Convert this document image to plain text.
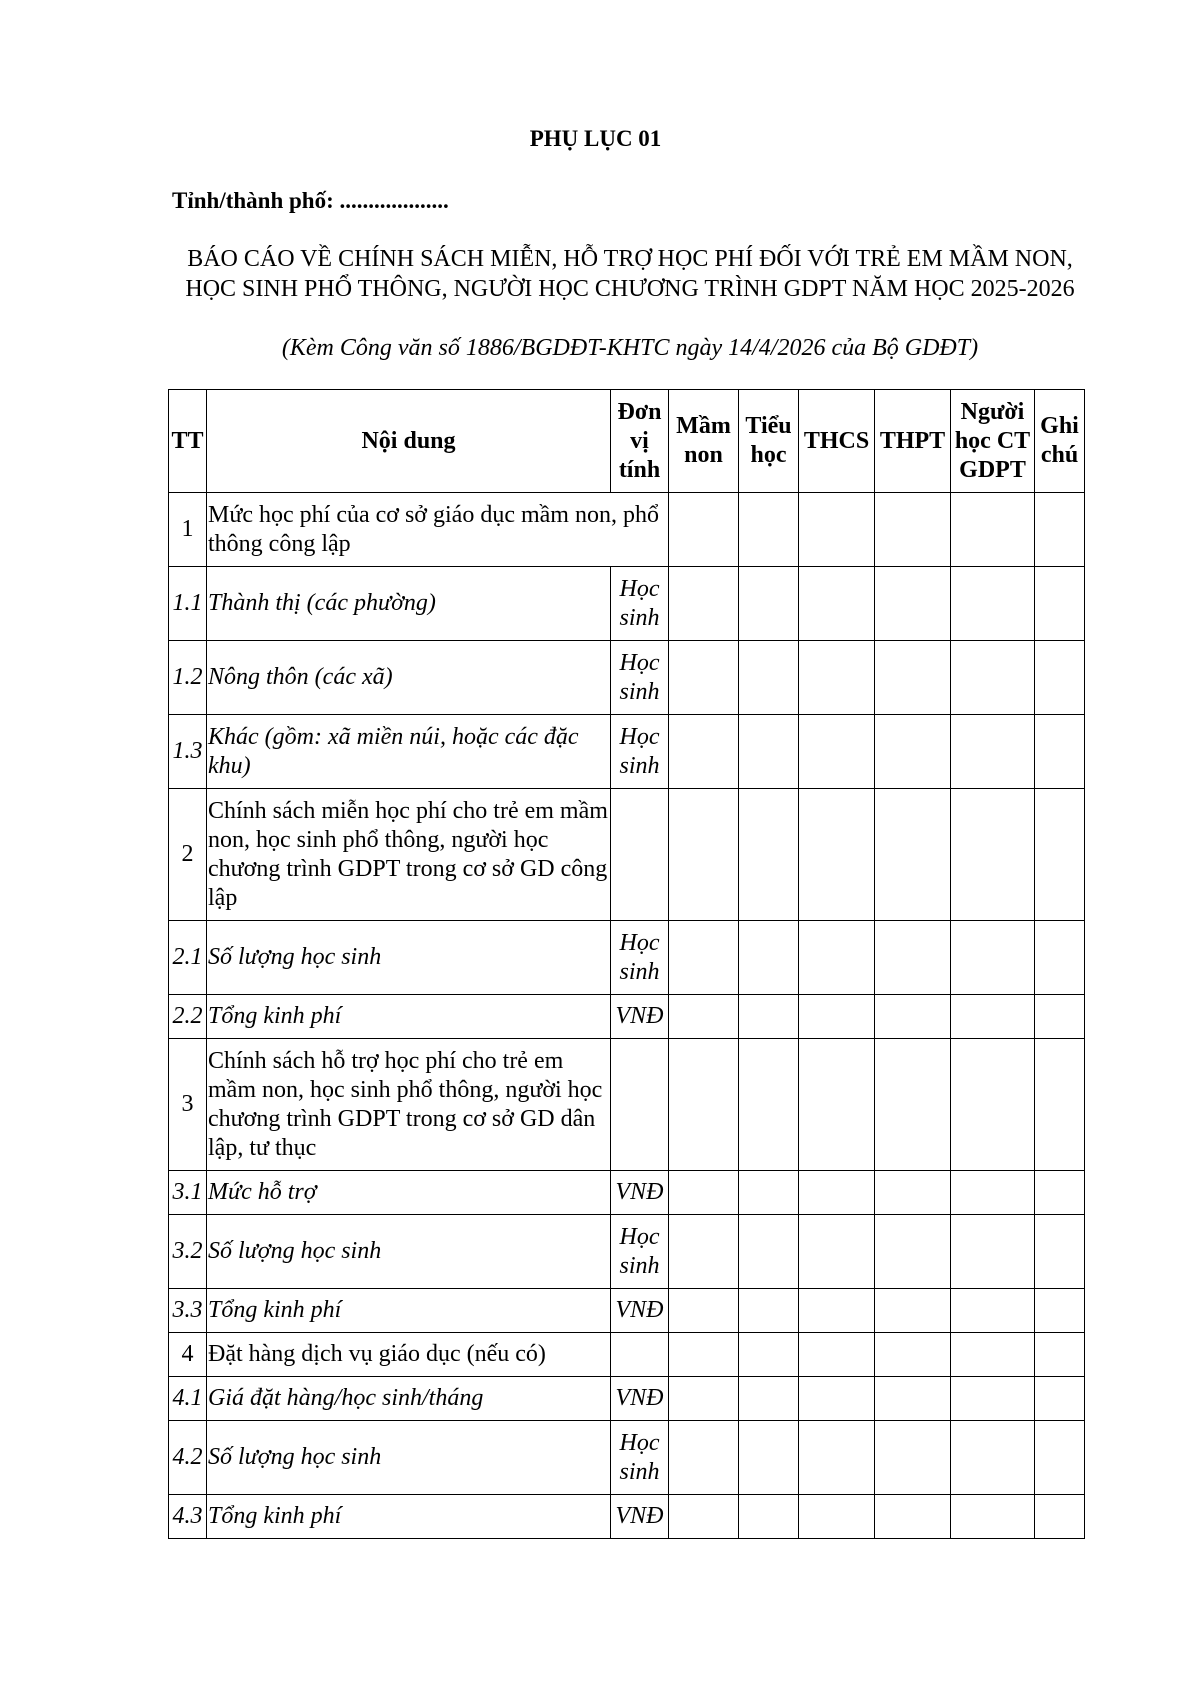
PHỤ LỤC 01
Tỉnh/thành phố: ...................
BÁO CÁO VỀ CHÍNH SÁCH MIỄN, HỖ TRỢ HỌC PHÍ ĐỐI VỚI TRẺ EM MẦM NON, HỌC SINH PHỔ THÔNG, NGƯỜI HỌC CHƯƠNG TRÌNH GDPT NĂM HỌC 2025-2026
(Kèm Công văn số 1886/BGDĐT-KHTC ngày 14/4/2026 của Bộ GDĐT)
TT	Nội dung	Đơn vị tính	Mầm non	Tiểu học	THCS	THPT	Người học CT GDPT	Ghi chú
1	Mức học phí của cơ sở giáo dục mầm non, phổ thông công lập							
1.1	Thành thị (các phường)	Học sinh						
1.2	Nông thôn (các xã)	Học sinh						
1.3	Khác (gồm: xã miền núi, hoặc các đặc khu)	Học sinh						
2	Chính sách miễn học phí cho trẻ em mầm non, học sinh phổ thông, người học chương trình GDPT trong cơ sở GD công lập							
2.1	Số lượng học sinh	Học sinh						
2.2	Tổng kinh phí	VNĐ						
3	Chính sách hỗ trợ học phí cho trẻ em mầm non, học sinh phổ thông, người học chương trình GDPT trong cơ sở GD dân lập, tư thục							
3.1	Mức hỗ trợ	VNĐ						
3.2	Số lượng học sinh	Học sinh						
3.3	Tổng kinh phí	VNĐ						
4	Đặt hàng dịch vụ giáo dục (nếu có)							
4.1	Giá đặt hàng/học sinh/tháng	VNĐ						
4.2	Số lượng học sinh	Học sinh						
4.3	Tổng kinh phí	VNĐ						
